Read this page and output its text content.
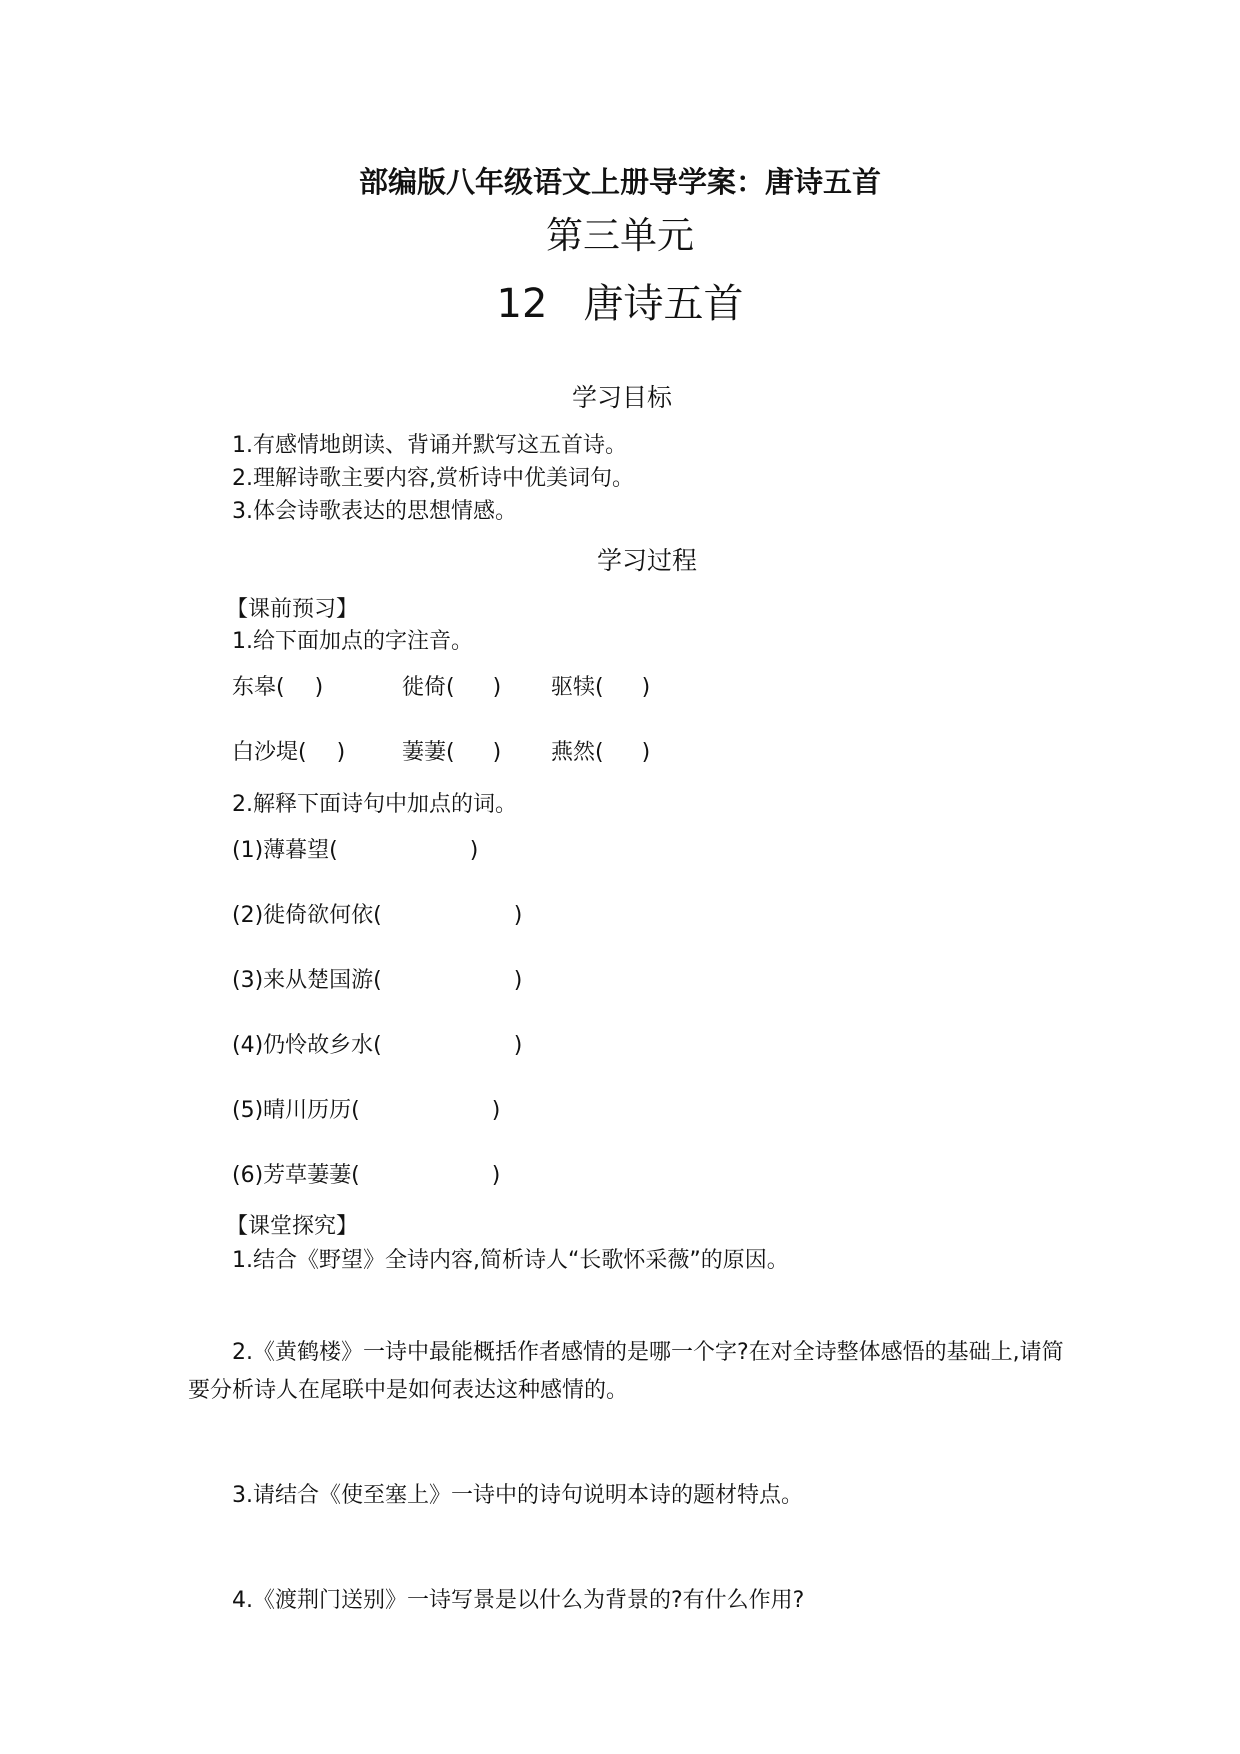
部编版八年级语文上册导学案：唐诗五首
第三单元
12 唐诗五首
学习目标
1.有感情地朗读、背诵并默写这五首诗。
2.理解诗歌主要内容,赏析诗中优美词句。
3.体会诗歌表达的思想情感。
学习过程
【课前预习】
1.给下面加点的字注音。
东皋( )	徙倚( ) 驱犊( )
白沙堤( )	萋萋( ) 燕然( )
2.解释下面诗句中加点的词。
(1)薄暮望(	)
(2)徙倚欲何依(	)
(3)来从楚国游(	)
(4)仍怜故乡水(	)
(5)晴川历历(	)
(6)芳草萋萋(	)
【课堂探究】
1.结合《野望》全诗内容,简析诗人“长歌怀采薇”的原因。
2.《黄鹤楼》一诗中最能概括作者感情的是哪一个字?在对全诗整体感悟的基础上,请简要分析诗人在尾联中是如何表达这种感情的。
3.请结合《使至塞上》一诗中的诗句说明本诗的题材特点。
4.《渡荆门送别》一诗写景是以什么为背景的?有什么作用?
